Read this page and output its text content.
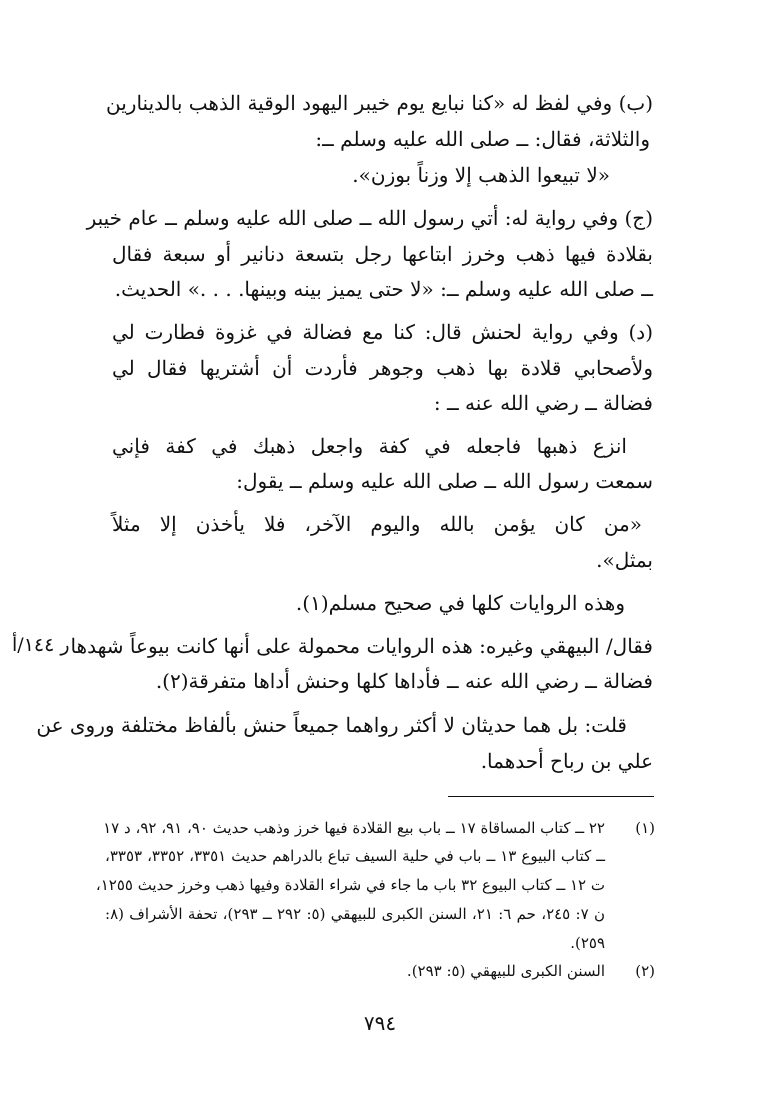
(ب) وفي لفظ له «كنا نبايع يوم خيبر اليهود الوقية الذهب بالدينارين
والثلاثة، فقال: ــ صلى الله عليه وسلم ــ:
«لا تبيعوا الذهب إلا وزناً بوزن».
(ج) وفي رواية له: أتي رسول الله ــ صلى الله عليه وسلم ــ عام خيبر
بقلادة فيها ذهب وخرز ابتاعها رجل بتسعة دنانير أو سبعة فقال
ــ صلى الله عليه وسلم ــ: «لا حتى يميز بينه وبينها. . . .» الحديث.
(د) وفي رواية لحنش قال: كنا مع فضالة في غزوة فطارت لي
ولأصحابي قلادة بها ذهب وجوهر فأردت أن أشتريها فقال لي
فضالة ــ رضي الله عنه ــ :
انزع ذهبها فاجعله في كفة واجعل ذهبك في كفة فإني
سمعت رسول الله ــ صلى الله عليه وسلم ــ يقول:
«من كان يؤمن بالله واليوم الآخر، فلا يأخذن إلا مثلاً
بمثل».
وهذه الروايات كلها في صحيح مسلم(١).
فقال/ البيهقي وغيره: هذه الروايات محمولة على أنها كانت بيوعاً شهدها
ر ١٤٤/أ
فضالة ــ رضي الله عنه ــ فأداها كلها وحنش أداها متفرقة(٢).
قلت: بل هما حديثان لا أكثر رواهما جميعاً حنش بألفاظ مختلفة وروى عن
علي بن رباح أحدهما.
(١)
٢٢ ــ كتاب المساقاة ١٧ ــ باب بيع القلادة فيها خرز وذهب حديث ٩٠، ٩١، ٩٢، د ١٧
ــ كتاب البيوع ١٣ ــ باب في حلية السيف تباع بالدراهم حديث ٣٣٥١، ٣٣٥٢، ٣٣٥٣،
ت ١٢ ــ كتاب البيوع ٣٢ باب ما جاء في شراء القلادة وفيها ذهب وخرز حديث ١٢٥٥،
ن ٧: ٢٤٥، حم ٦: ٢١، السنن الكبرى للبيهقي (٥: ٢٩٢ ــ ٢٩٣)، تحفة الأشراف (٨:
٢٥٩).
(٢)
السنن الكبرى للبيهقي (٥: ٢٩٣).
٧٩٤
